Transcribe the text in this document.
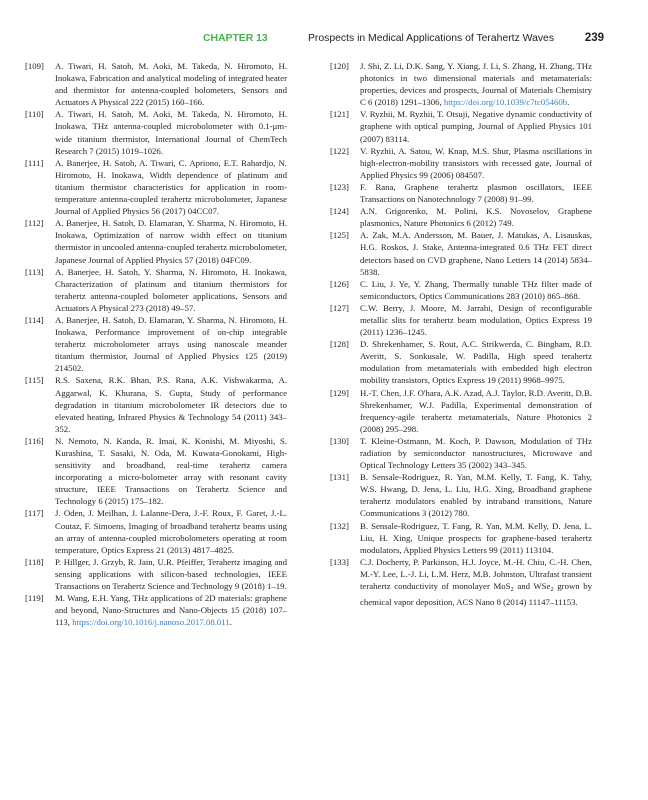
CHAPTER 13	Prospects in Medical Applications of Terahertz Waves	239
[109] A. Tiwari, H. Satoh, M. Aoki, M. Takeda, N. Hiromoto, H. Inokawa, Fabrication and analytical modeling of integrated heater and thermistor for antenna-coupled bolometers, Sensors and Actuators A Physical 222 (2015) 160–166.
[110] A. Tiwari, H. Satoh, M. Aoki, M. Takeda, N. Hiromoto, H. Inokawa, THz antenna-coupled microbolometer with 0.1-μm-wide titanium thermistor, International Journal of ChemTech Research 7 (2015) 1019–1026.
[111] A. Banerjee, H. Satoh, A. Tiwari, C. Apriono, E.T. Rahardjo, N. Hiromoto, H. Inokawa, Width dependence of platinum and titanium thermistor characteristics for application in room-temperature antenna-coupled terahertz microbolometer, Japanese Journal of Applied Physics 56 (2017) 04CC07.
[112] A. Banerjee, H. Satoh, D. Elamaran, Y. Sharma, N. Hiromoto, H. Inokawa, Optimization of narrow width effect on titanium thermistor in uncooled antenna-coupled terahertz microbolometer, Japanese Journal of Applied Physics 57 (2018) 04FC09.
[113] A. Banerjee, H. Satoh, Y. Sharma, N. Hiromoto, H. Inokawa, Characterization of platinum and titanium thermistors for terahertz antenna-coupled bolometer applications, Sensors and Actuators A Physical 273 (2018) 49–57.
[114] A. Banerjee, H. Satoh, D. Elamaran, Y. Sharma, N. Hiromoto, H. Inokawa, Performance improvement of on-chip integrable terahertz microbolometer arrays using nanoscale meander titanium thermistor, Journal of Applied Physics 125 (2019) 214502.
[115] R.S. Saxena, R.K. Bhan, P.S. Rana, A.K. Vishwakarma, A. Aggarwal, K. Khurana, S. Gupta, Study of performance degradation in titanium microbolometer IR detectors due to elevated heating, Infrared Physics & Technology 54 (2011) 343–352.
[116] N. Nemoto, N. Kanda, R. Imai, K. Konishi, M. Miyoshi, S. Kurashina, T. Sasaki, N. Oda, M. Kuwata-Gonokami, High-sensitivity and broadband, real-time terahertz camera incorporating a micro-bolometer array with resonant cavity structure, IEEE Transactions on Terahertz Science and Technology 6 (2015) 175–182.
[117] J. Oden, J. Meilhan, J. Lalanne-Dera, J.-F. Roux, F. Garet, J.-L. Coutaz, F. Simoens, Imaging of broadband terahertz beams using an array of antenna-coupled microbolometers operating at room temperature, Optics Express 21 (2013) 4817–4825.
[118] P. Hillger, J. Grzyb, R. Jain, U.R. Pfeiffer, Terahertz imaging and sensing applications with silicon-based technologies, IEEE Transactions on Terahertz Science and Technology 9 (2018) 1–19.
[119] M. Wang, E.H. Yang, THz applications of 2D materials: graphene and beyond, Nano-Structures and Nano-Objects 15 (2018) 107–113, https://doi.org/10.1016/j.nanoso.2017.08.011.
[120] J. Shi, Z. Li, D.K. Sang, Y. Xiang, J. Li, S. Zhang, H. Zhang, THz photonics in two dimensional materials and metamaterials: properties, devices and prospects, Journal of Materials Chemistry C 6 (2018) 1291–1306, https://doi.org/10.1039/c7tc05460b.
[121] V. Ryzhii, M. Ryzhii, T. Otsuji, Negative dynamic conductivity of graphene with optical pumping, Journal of Applied Physics 101 (2007) 83114.
[122] V. Ryzhii, A. Satou, W. Knap, M.S. Shur, Plasma oscillations in high-electron-mobility transistors with recessed gate, Journal of Applied Physics 99 (2006) 084507.
[123] F. Rana, Graphene terahertz plasmon oscillators, IEEE Transactions on Nanotechnology 7 (2008) 91–99.
[124] A.N. Grigorenko, M. Polini, K.S. Novoselov, Graphene plasmonics, Nature Photonics 6 (2012) 749.
[125] A. Zak, M.A. Andersson, M. Bauer, J. Matukas, A. Lisauskas, H.G. Roskos, J. Stake, Antenna-integrated 0.6 THz FET direct detectors based on CVD graphene, Nano Letters 14 (2014) 5834–5838.
[126] C. Liu, J. Ye, Y. Zhang, Thermally tunable THz filter made of semiconductors, Optics Communications 283 (2010) 865–868.
[127] C.W. Berry, J. Moore, M. Jarrahi, Design of reconfigurable metallic slits for terahertz beam modulation, Optics Express 19 (2011) 1236–1245.
[128] D. Shrekenhamer, S. Rout, A.C. Strikwerda, C. Bingham, R.D. Averitt, S. Sonkusale, W. Padilla, High speed terahertz modulation from metamaterials with embedded high electron mobility transistors, Optics Express 19 (2011) 9968–9975.
[129] H.-T. Chen, J.F. O'hara, A.K. Azad, A.J. Taylor, R.D. Averitt, D.B. Shrekenhamer, W.J. Padilla, Experimental demonstration of frequency-agile terahertz metamaterials, Nature Photonics 2 (2008) 295–298.
[130] T. Kleine-Ostmann, M. Koch, P. Dawson, Modulation of THz radiation by semiconductor nanostructures, Microwave and Optical Technology Letters 35 (2002) 343–345.
[131] B. Sensale-Rodriguez, R. Yan, M.M. Kelly, T. Fang, K. Tahy, W.S. Hwang, D. Jena, L. Liu, H.G. Xing, Broadband graphene terahertz modulators enabled by intraband transitions, Nature Communications 3 (2012) 780.
[132] B. Sensale-Rodriguez, T. Fang, R. Yan, M.M. Kelly, D. Jena, L. Liu, H. Xing, Unique prospects for graphene-based terahertz modulators, Applied Physics Letters 99 (2011) 113104.
[133] C.J. Docherty, P. Parkinson, H.J. Joyce, M.-H. Chiu, C.-H. Chen, M.-Y. Lee, L.-J. Li, L.M. Herz, M.B. Johnston, Ultrafast transient terahertz conductivity of monolayer MoS$_2$ and WSe$_2$ grown by chemical vapor deposition, ACS Nano 8 (2014) 11147–11153.
